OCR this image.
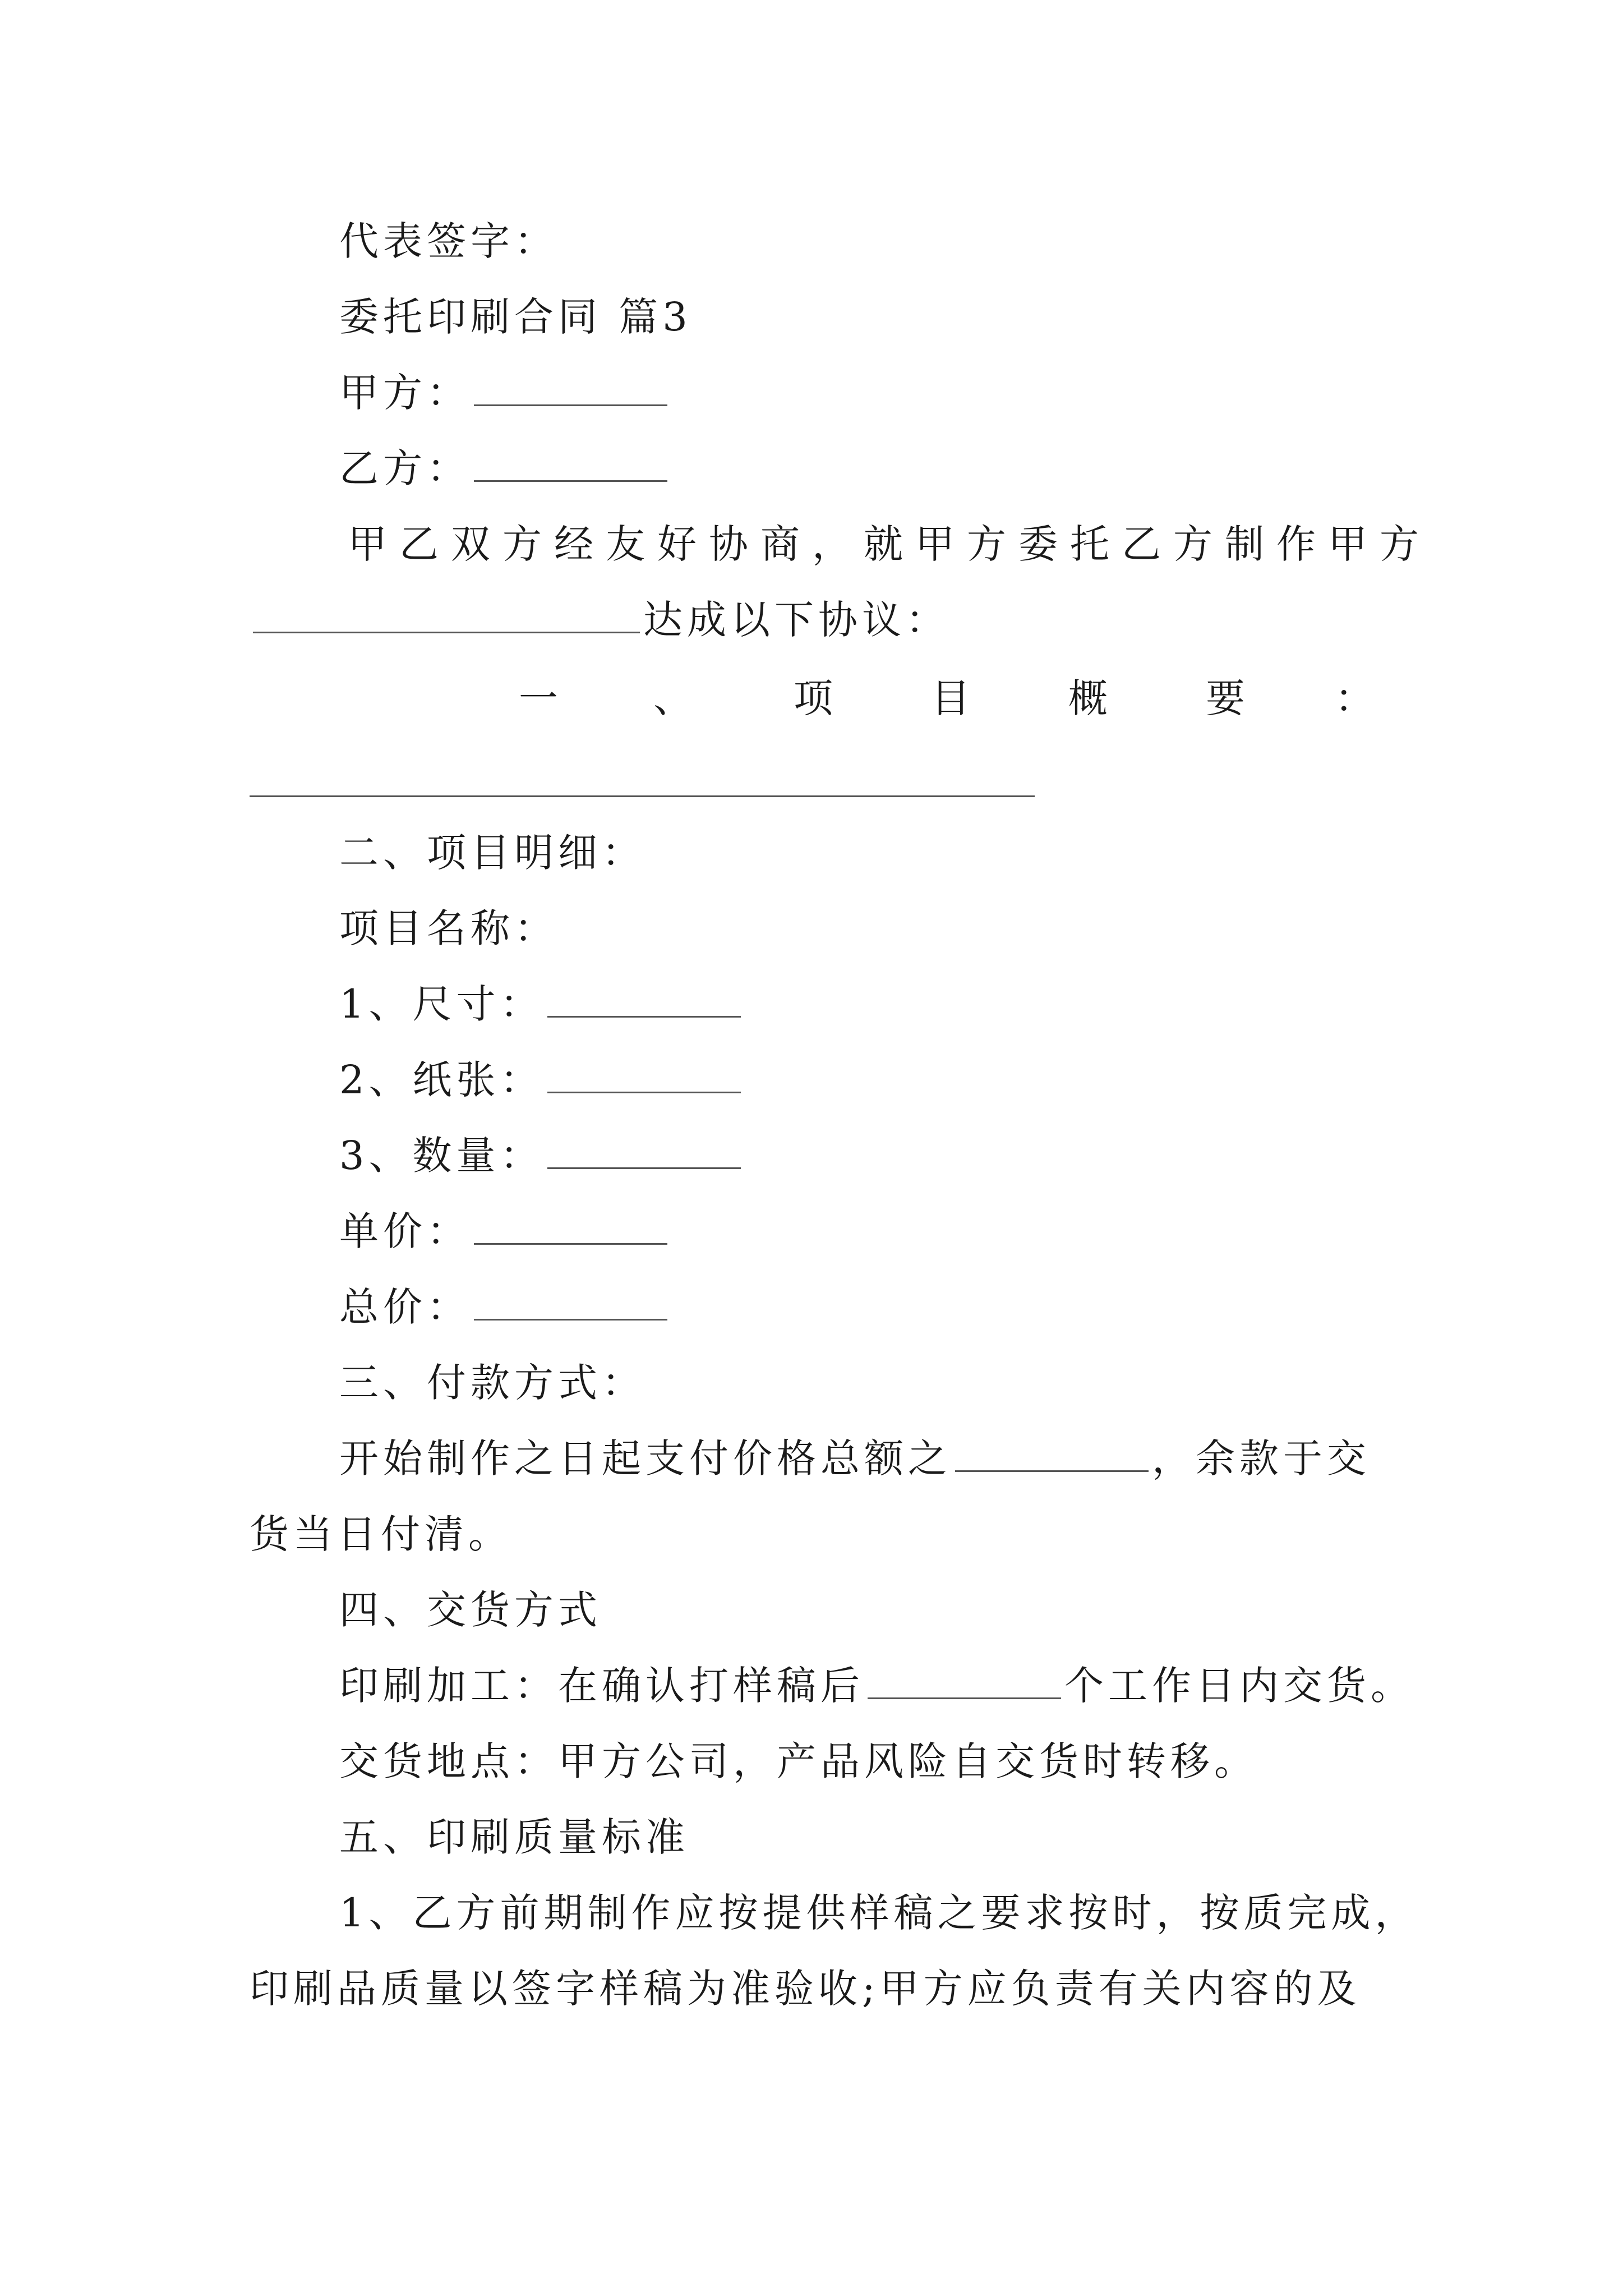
代表签字：
委托印刷合同 篇3
甲方：
乙方：
甲乙双方经友好协商，就甲方委托乙方制作甲方
达成以下协议：
一 、	项	目	概	要 ：
二、项目明细：
项目名称：
1、尺寸：
2、纸张：
3、数量：
单价：
总价：
三、付款方式：
开始制作之日起支付价格总额之	，余款于交
货当日付清。
四、交货方式
印刷加工：在确认打样稿后	个工作日内交货。
交货地点：甲方公司，产品风险自交货时转移。
五、印刷质量标准
1、乙方前期制作应按提供样稿之要求按时，按质完成，
印刷品质量以签字样稿为准验收;甲方应负责有关内容的及
